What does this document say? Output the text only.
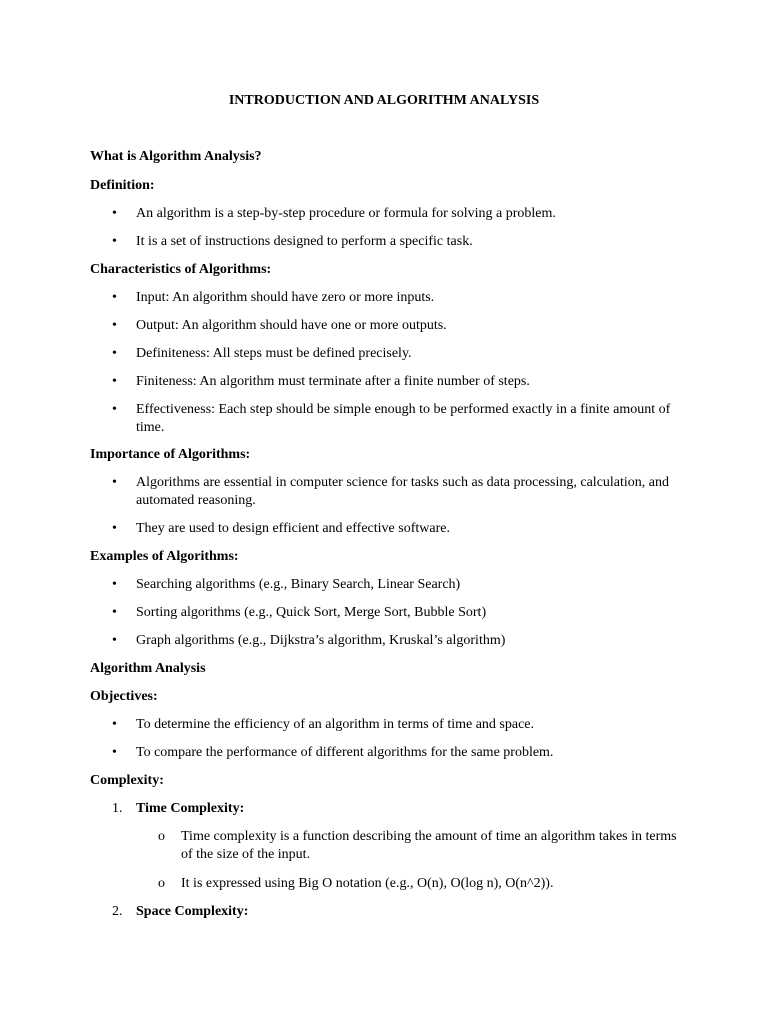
INTRODUCTION AND ALGORITHM ANALYSIS
What is Algorithm Analysis?
Definition:
•	An algorithm is a step-by-step procedure or formula for solving a problem.
•	It is a set of instructions designed to perform a specific task.
Characteristics of Algorithms:
•	Input: An algorithm should have zero or more inputs.
•	Output: An algorithm should have one or more outputs.
•	Definiteness: All steps must be defined precisely.
•	Finiteness: An algorithm must terminate after a finite number of steps.
•	Effectiveness: Each step should be simple enough to be performed exactly in a finite amount of time.
Importance of Algorithms:
•	Algorithms are essential in computer science for tasks such as data processing, calculation, and automated reasoning.
•	They are used to design efficient and effective software.
Examples of Algorithms:
•	Searching algorithms (e.g., Binary Search, Linear Search)
•	Sorting algorithms (e.g., Quick Sort, Merge Sort, Bubble Sort)
•	Graph algorithms (e.g., Dijkstra’s algorithm, Kruskal’s algorithm)
Algorithm Analysis
Objectives:
•	To determine the efficiency of an algorithm in terms of time and space.
•	To compare the performance of different algorithms for the same problem.
Complexity:
1. Time Complexity:
o Time complexity is a function describing the amount of time an algorithm takes in terms of the size of the input.
o It is expressed using Big O notation (e.g., O(n), O(log n), O(n^2)).
2. Space Complexity:
